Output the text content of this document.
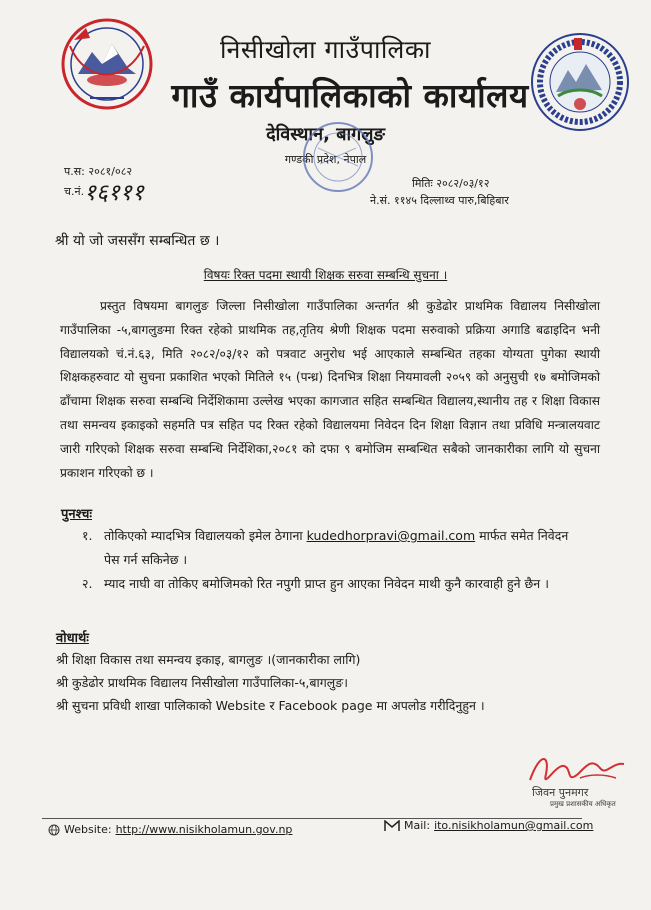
निसीखोला गाउँपालिका
गाउँ कार्यपालिकाको कार्यालय
देविस्थान, बागलुङ
गण्डकी प्रदेश, नेपाल
प.स: २०८१/०८२
च.नं. १६१११	मितिः २०८२/०३/१२
ने.सं. ११४५ दिल्लाथ्व पारु,बिहिबार
श्री यो जो जससँग सम्बन्धित छ ।
विषयः रिक्त पदमा स्थायी शिक्षक सरुवा सम्बन्धि सुचना ।
प्रस्तुत विषयमा बागलुङ जिल्ला निसीखोला गाउँपालिका अन्तर्गत श्री कुडेढोर प्राथमिक विद्यालय निसीखोला गाउँपालिका -५,बागलुङमा रिक्त रहेको प्राथमिक तह,तृतिय श्रेणी शिक्षक पदमा सरुवाको प्रक्रिया अगाडि बढाइदिन भनी विद्यालयको चं.नं.६३, मिति २०८२/०३/१२ को पत्रवाट अनुरोध भई आएकाले सम्बन्धित तहका योग्यता पुगेका स्थायी शिक्षकहरुवाट यो सुचना प्रकाशित भएको मितिले १५ (पन्ध्र) दिनभित्र शिक्षा नियमावली २०५९ को अनुसुची १७ बमोजिमको ढाँचामा शिक्षक सरुवा सम्बन्धि निर्देशिकामा उल्लेख भएका कागजात सहित सम्बन्धित विद्यालय,स्थानीय तह र शिक्षा विकास तथा समन्वय इकाइको सहमति पत्र सहित पद रिक्त रहेको विद्यालयमा निवेदन दिन शिक्षा विज्ञान तथा प्रविधि मन्त्रालयवाट जारी गरिएको शिक्षक सरुवा सम्बन्धि निर्देशिका,२०८१ को दफा ९ बमोजिम सम्बन्धित सबैको जानकारीका लागि यो सुचना प्रकाशन गरिएको छ ।
पुनश्चः
१. तोकिएको म्यादभित्र विद्यालयको इमेल ठेगाना kudedhorpravi@gmail.com मार्फत समेत निवेदन पेस गर्न सकिनेछ ।
२. म्याद नाघी वा तोकिए बमोजिमको रित नपुगी प्राप्त हुन आएका निवेदन माथी कुनै कारवाही हुने छैन ।
वोधार्थः
श्री शिक्षा विकास तथा समन्वय इकाइ, बागलुङ ।(जानकारीका लागि)
श्री कुडेढोर प्राथमिक विद्यालय निसीखोला गाउँपालिका-५,बागलुङ।
श्री सुचना प्रविधी शाखा पालिकाको Website र Facebook page मा अपलोड गरीदिनुहुन ।
जिवन पुनमगर
प्रमुख प्रशासकीय अधिकृत
Website: http://www.nisikholamun.gov.np	Mail: ito.nisikholamun@gmail.com
